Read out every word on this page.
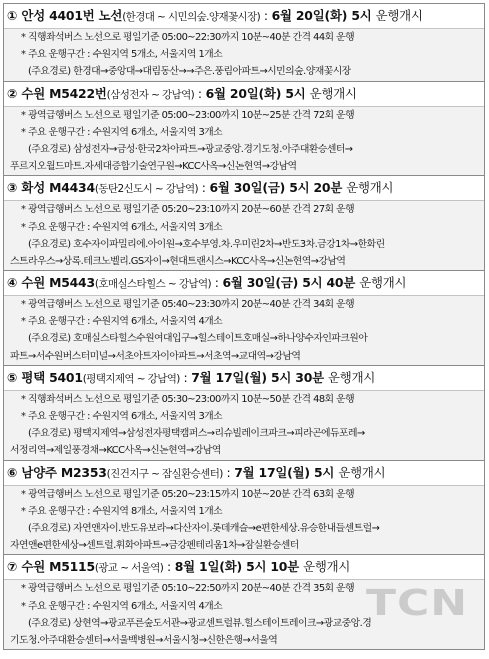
① 안성 4401번 노선(한경대 ~ 시민의숲.양재꽃시장) : 6월 20일(화) 5시 운행개시
* 직행좌석버스 노선으로 평일기준 05:00~22:30까지 10분~40분 간격 44회 운행
* 주요 운행구간 : 수원지역 5개소, 서울지역 1개소
(주요경로) 한경대→중앙대→대림동산→→주은.풍림아파트→시민의숲.양재꽃시장
② 수원 M5422번(삼성전자 ~ 강남역) : 6월 20일(화) 5시 운행개시
* 광역급행버스 노선으로 평일기준 05:00~23:00까지 10분~25분 간격 72회 운행
* 주요 운행구간 : 수원지역 6개소, 서울지역 3개소
(주요경로) 삼성전자→금성·한국2차아파트→광교중앙.경기도청.아주대환승센터→
푸르지오월드마트.자세대증합기술연구원→KCC사옥→신논현역→강남역
③ 화성 M4434(동탄2신도시 ~ 강남역) : 6월 30일(금) 5시 20분 운행개시
* 광역급행버스 노선으로 평일기준 05:20~23:10까지 20분~60분 간격 27회 운행
* 주요 운행구간 : 수원지역 6개소, 서울지역 3개소
(주요경로) 호수자이파밀리에.아이원→호수부영.차.우미린2차→반도3차.금강1차→한화린
스트라우스→상록.테크노벨리.GS자이→현대트랜시스→KCC사옥→신논현역→강남역
④ 수원 M5443(호매실스타힐스 ~ 강남역) : 6월 30일(금) 5시 40분 운행개시
* 광역급행버스 노선으로 평일기준 05:40~23:30까지 20분~40분 간격 34회 운행
* 주요 운행구간 : 수원지역 6개소, 서울지역 4개소
(주요경로) 호매실스타힐스수원여대입구→힐스테이트호매실→하나양수자인파크원아
파트→서수원버스터미널→서초아트자이아파트→서초역→교대역→강남역
⑤ 평택 5401(평택지제역 ~ 강남역) : 7월 17일(월) 5시 30분 운행개시
* 직행좌석버스 노선으로 평일기준 05:30~23:00까지 10분~50분 간격 48회 운행
* 주요 운행구간 : 수원지역 6개소, 서울지역 3개소
(주요경로) 평택지제역→삼성전자평택캠퍼스→리슈빌레이크파크→피라곤에듀포레→
서정리역→제일풍경채→KCC사옥→신논현역→강남역
⑥ 남양주 M2353(진건지구 ~ 잠실환승센터) : 7월 17일(월) 5시 운행개시
* 광역급행버스 노선으로 평일기준 05:20~23:15까지 10분~20분 간격 63회 운행
* 주요 운행구간 : 수원지역 8개소, 서울지역 1개소
(주요경로) 자연앤자이.반도유보라→다산자이.롯데캐슬→e편한세상.유승한내들센트럴→
자연앤e편한세상→센트럴.휘화아파트→금강펜테리움1차→잠실환승센터
⑦ 수원 M5115(광교 ~ 서울역) : 8월 1일(화) 5시 10분 운행개시
* 광역급행버스 노선으로 평일기준 05:10~22:50까지 20분~40분 간격 35회 운행
* 주요 운행구간 : 수원지역 6개소, 서울지역 4개소
(주요경로) 상현역→광교푸른숲도서관→광교센트럴뷰.힐스테이트레이크→광교중앙.경
기도청.아주대환승센터→서울백병원→서울시청→신한은행→서울역
TCN
